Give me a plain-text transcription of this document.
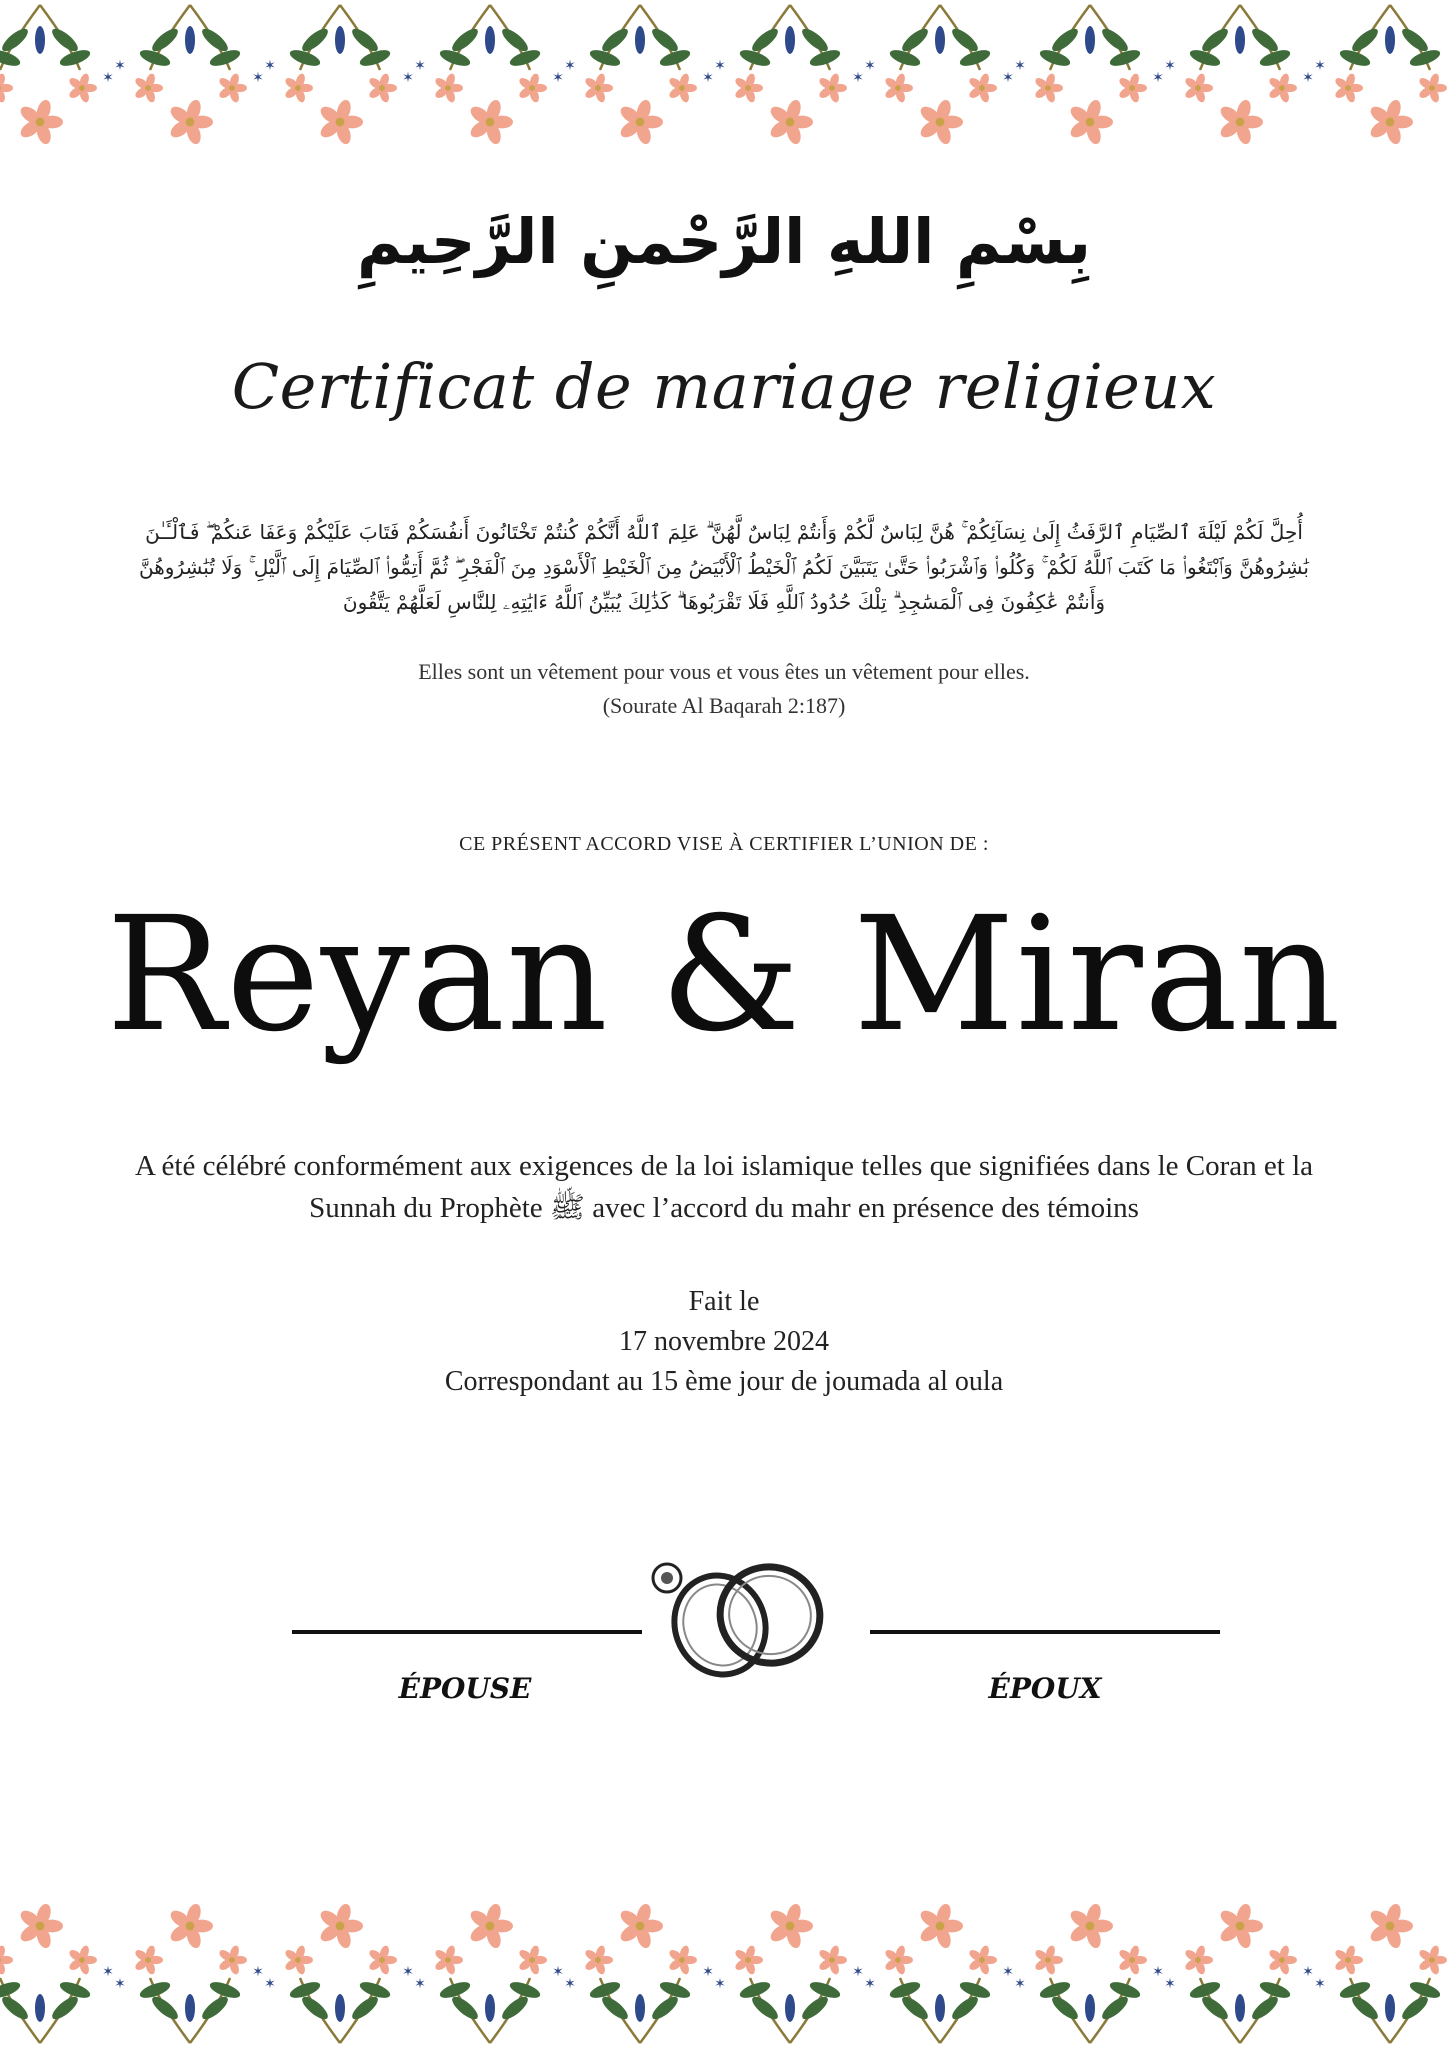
✶
✶
✶
✶
✶
✶
✶
✶
✶
✶
✶
✶
✶
✶
✶
✶
✶
✶
✶
✶
✶
✶
✶
✶
✶
✶
✶
✶
✶
✶
✶
✶
✶
✶
✶
✶
بِسْمِ اللهِ الرَّحْمنِ الرَّحِيمِ
Certificat de mariage religieux
أُحِلَّ لَكُمْ لَيْلَةَ ٱلصِّيَامِ ٱلرَّفَثُ إِلَىٰ نِسَآئِكُمْ ۚ هُنَّ لِبَاسٌ لَّكُمْ وَأَنتُمْ لِبَاسٌ لَّهُنَّ ۗ عَلِمَ ٱللَّهُ أَنَّكُمْ كُنتُمْ تَخْتَانُونَ أَنفُسَكُمْ فَتَابَ عَلَيْكُمْ وَعَفَا عَنكُمْ ۖ فَٱلْـَٔـٰنَ
بَٰشِرُوهُنَّ وَٱبْتَغُوا۟ مَا كَتَبَ ٱللَّهُ لَكُمْ ۚ وَكُلُوا۟ وَٱشْرَبُوا۟ حَتَّىٰ يَتَبَيَّنَ لَكُمُ ٱلْخَيْطُ ٱلْأَبْيَضُ مِنَ ٱلْخَيْطِ ٱلْأَسْوَدِ مِنَ ٱلْفَجْرِ ۖ ثُمَّ أَتِمُّوا۟ ٱلصِّيَامَ إِلَى ٱلَّيْلِ ۚ وَلَا تُبَٰشِرُوهُنَّ
وَأَنتُمْ عَٰكِفُونَ فِى ٱلْمَسَٰجِدِ ۗ تِلْكَ حُدُودُ ٱللَّهِ فَلَا تَقْرَبُوهَا ۗ كَذَٰلِكَ يُبَيِّنُ ٱللَّهُ ءَايَٰتِهِۦ لِلنَّاسِ لَعَلَّهُمْ يَتَّقُونَ
Elles sont un vêtement pour vous et vous êtes un vêtement pour elles.
(Sourate Al Baqarah 2:187)
CE PRÉSENT ACCORD VISE À CERTIFIER L’UNION DE :
Reyan & Miran
A été célébré conformément aux exigences de la loi islamique telles que signifiées dans le Coran et la
Sunnah du Prophète ﷺ avec l’accord du mahr en présence des témoins
Fait le
17 novembre 2024
Correspondant au 15 ème jour de joumada al oula
ÉPOUSE	ÉPOUX
